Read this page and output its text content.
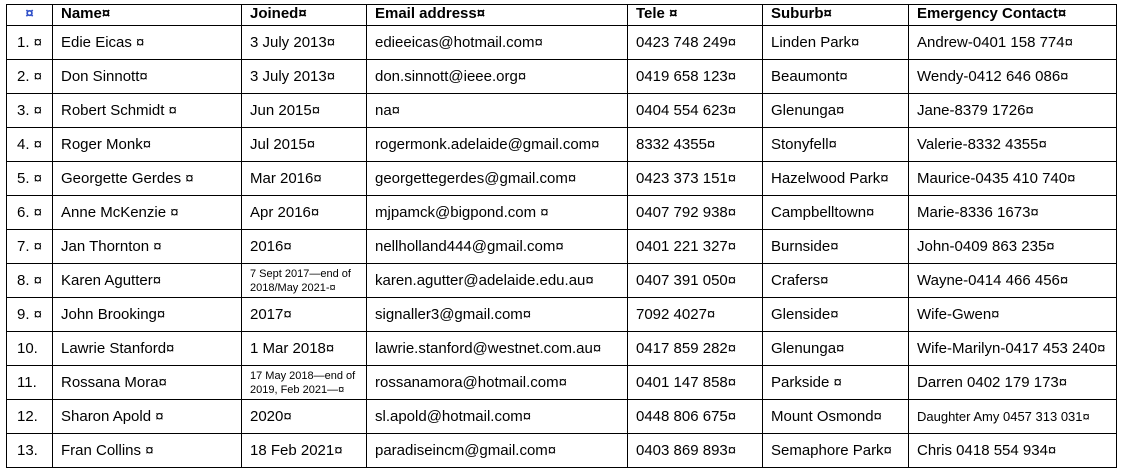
¤	Name¤	Joined¤	Email address¤	Tele ¤	Suburb¤	Emergency Contact¤
1. ¤	Edie Eicas ¤	3 July 2013¤	edieeicas@hotmail.com¤	0423 748 249¤	Linden Park¤	Andrew-0401 158 774¤
2. ¤	Don Sinnott¤	3 July 2013¤	don.sinnott@ieee.org¤	0419 658 123¤	Beaumont¤	Wendy-0412 646 086¤
3. ¤	Robert Schmidt ¤	Jun 2015¤	na¤	0404 554 623¤	Glenunga¤	Jane-8379 1726¤
4. ¤	Roger Monk¤	Jul 2015¤	rogermonk.adelaide@gmail.com¤	8332 4355¤	Stonyfell¤	Valerie-8332 4355¤
5. ¤	Georgette Gerdes ¤	Mar 2016¤	georgettegerdes@gmail.com¤	0423 373 151¤	Hazelwood Park¤	Maurice-0435 410 740¤
6. ¤	Anne McKenzie ¤	Apr 2016¤	mjpamck@bigpond.com ¤	0407 792 938¤	Campbelltown¤	Marie-8336 1673¤
7. ¤	Jan Thornton ¤	2016¤	nellholland444@gmail.com¤	0401 221 327¤	Burnside¤	John-0409 863 235¤
8. ¤	Karen Agutter¤	7 Sept 2017—end of 2018/May 2021-¤	karen.agutter@adelaide.edu.au¤	0407 391 050¤	Crafers¤	Wayne-0414 466 456¤
9. ¤	John Brooking¤	2017¤	signaller3@gmail.com¤	7092 4027¤	Glenside¤	Wife-Gwen¤
10.	Lawrie Stanford¤	1 Mar 2018¤	lawrie.stanford@westnet.com.au¤	0417 859 282¤	Glenunga¤	Wife-Marilyn-0417 453 240¤
11.	Rossana Mora¤	17 May 2018—end of 2019, Feb 2021—¤	rossanamora@hotmail.com¤	0401 147 858¤	Parkside ¤	Darren 0402 179 173¤
12.	Sharon Apold ¤	2020¤	sl.apold@hotmail.com¤	0448 806 675¤	Mount Osmond¤	Daughter Amy 0457 313 031¤
13.	Fran Collins ¤	18 Feb 2021¤	paradiseincm@gmail.com¤	0403 869 893¤	Semaphore Park¤	Chris 0418 554 934¤
